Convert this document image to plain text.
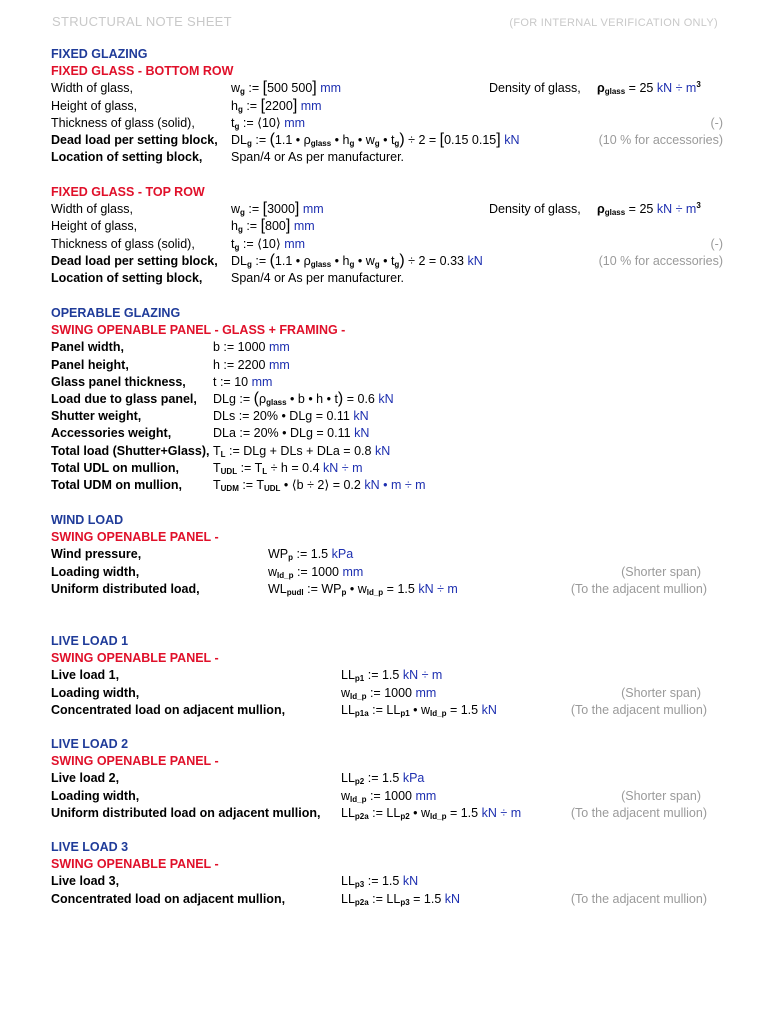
STRUCTURAL NOTE SHEET	(FOR INTERNAL VERIFICATION ONLY)
FIXED GLAZING
FIXED GLASS - BOTTOM ROW
Width of glass,	$w_g$ := [500 500] mm	Density of glass, $\rho_{glass} = 25$ kN ÷ $m^3$
Height of glass,	$h_g$ := [2200] mm
Thickness of glass (solid),	$t_g$ := ⟨10⟩ mm	(-)
Dead load per setting block, $DL_g$ := (1.1 • $\rho_{glass}$ • $h_g$ • $w_g$ • $t_g) \div 2 = [0.15$ 0.15] kN	(10 % for accessories)
Location of setting block, Span/4 or As per manufacturer.
FIXED GLASS - TOP ROW
Width of glass,	$w_g$ := [3000] mm	Density of glass, $\rho_{glass} = 25$ kN ÷ $m^3$
Height of glass,	$h_g$ := [800] mm
Thickness of glass (solid),	$t_g$ := ⟨10⟩ mm	(-)
Dead load per setting block, $DL_g$ := (1.1 • $\rho_{glass}$ • $h_g$ • $w_g$ • $t_g) \div 2 = 0.33$ kN	(10 % for accessories)
Location of setting block, Span/4 or As per manufacturer.
OPERABLE GLAZING
SWING OPENABLE PANEL - GLASS + FRAMING -
Panel width,	b := 1000 mm
Panel height,	h := 2200 mm
Glass panel thickness, t := 10 mm
Load due to glass panel, DLg := ($\rho_{glass}$ • b • h • t) = 0.6 kN
Shutter weight,	DLs := 20% • DLg = 0.11 kN
Accessories weight,	DLa := 20% • DLg = 0.11 kN
Total load (Shutter+Glass), $T_L$ := DLg + DLs + DLa = 0.8 kN
Total UDL on mullion,	$T_{UDL}$ := $T_L \div h = 0.4$ kN ÷ m
Total UDM on mullion, $T_{UDM}$ := $T_{UDL}$ • ⟨b ÷ 2⟩ = 0.2 kN • m ÷ m
WIND LOAD
SWING OPENABLE PANEL -
Wind pressure,	$WP_p$ := 1.5 kPa
Loading width,	$w_{ld\_p}$ := 1000 mm	(Shorter span)
Uniform distributed load,	$WL_{pudl}$ := $WP_p$ • $w_{ld\_p} = 1.5$ kN ÷ m	(To the adjacent mullion)
LIVE LOAD 1
SWING OPENABLE PANEL -
Live load 1,	$LL_{p1}$ := 1.5 kN ÷ m
Loading width,	$w_{ld\_p}$ := 1000 mm	(Shorter span)
Concentrated load on adjacent mullion,	$LL_{p1a}$ := $LL_{p1}$ • $w_{ld\_p} = 1.5$ kN	(To the adjacent mullion)
LIVE LOAD 2
SWING OPENABLE PANEL -
Live load 2,	$LL_{p2}$ := 1.5 kPa
Loading width,	$w_{ld\_p}$ := 1000 mm	(Shorter span)
Uniform distributed load on adjacent mullion, $LL_{p2a}$ := $LL_{p2}$ • $w_{ld\_p} = 1.5$ kN ÷ m	(To the adjacent mullion)
LIVE LOAD 3
SWING OPENABLE PANEL -
Live load 3,	$LL_{p3}$ := 1.5 kN
Concentrated load on adjacent mullion,	$LL_{p2a}$ := $LL_{p3} = 1.5$ kN	(To the adjacent mullion)
